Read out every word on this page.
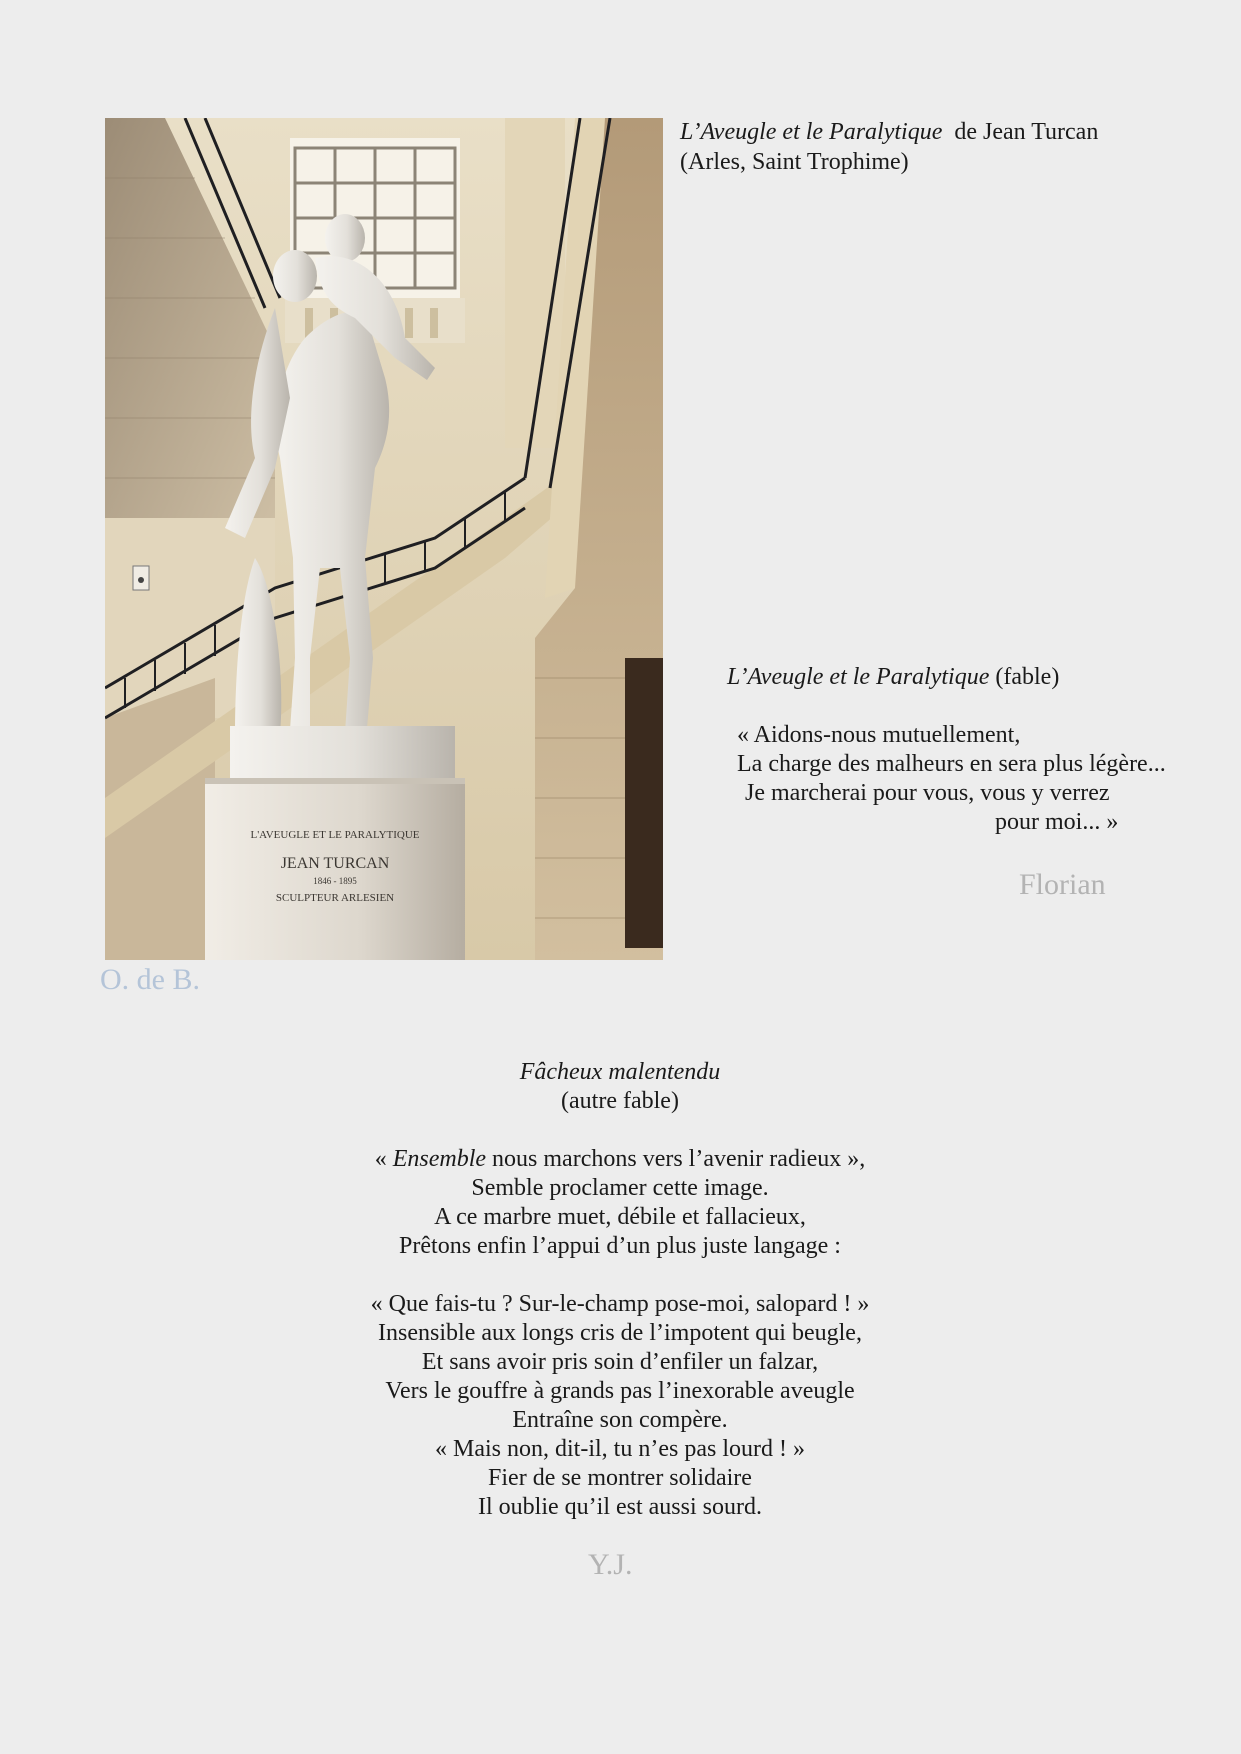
L'AVEUGLE ET LE PARALYTIQUE
JEAN TURCAN
1846 - 1895
SCULPTEUR ARLESIEN
L’Aveugle et le Paralytique de Jean Turcan
(Arles, Saint Trophime)
O. de B.
L’Aveugle et le Paralytique (fable)
« Aidons-nous mutuellement,
La charge des malheurs en sera plus légère...
Je marcherai pour vous, vous y verrez
pour moi... »
Florian
Fâcheux malentendu
(autre fable)
« Ensemble nous marchons vers l’avenir radieux »,
Semble proclamer cette image.
A ce marbre muet, débile et fallacieux,
Prêtons enfin l’appui d’un plus juste langage :
« Que fais-tu ? Sur-le-champ pose-moi, salopard ! »
Insensible aux longs cris de l’impotent qui beugle,
Et sans avoir pris soin d’enfiler un falzar,
Vers le gouffre à grands pas l’inexorable aveugle
Entraîne son compère.
« Mais non, dit-il, tu n’es pas lourd ! »
Fier de se montrer solidaire
Il oublie qu’il est aussi sourd.
Y.J.
